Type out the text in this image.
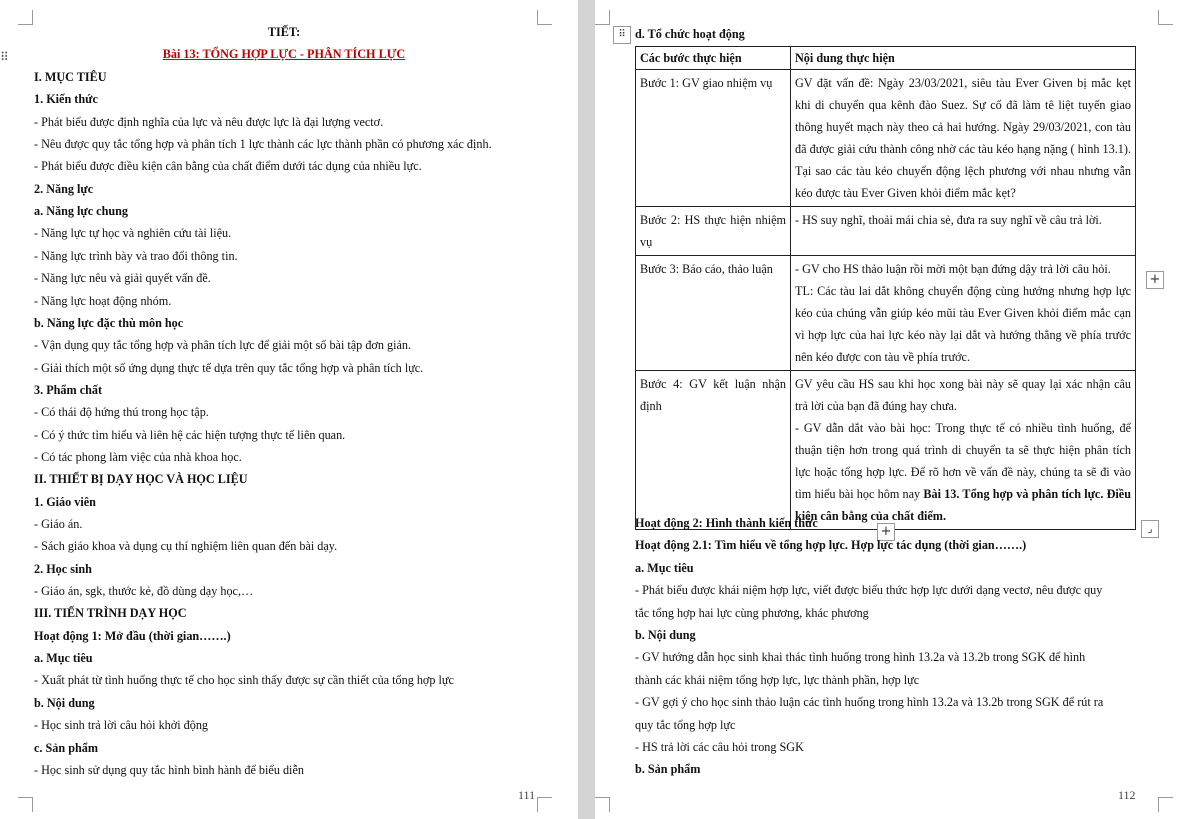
⠿
TIẾT:
Bài 13: TỔNG HỢP LỰC - PHÂN TÍCH LỰC
I. MỤC TIÊU
1. Kiến thức
- Phát biểu được định nghĩa của lực và nêu được lực là đại lượng vectơ.
- Nêu được quy tắc tổng hợp và phân tích 1 lực thành các lực thành phần có phương xác định.
- Phát biểu được điều kiện cân bằng của chất điểm dưới tác dụng của nhiều lực.
2. Năng lực
a. Năng lực chung
- Năng lực tự học và nghiên cứu tài liệu.
- Năng lực trình bày và trao đổi thông tin.
- Năng lực nêu và giải quyết vấn đề.
- Năng lực hoạt động nhóm.
b. Năng lực đặc thù môn học
- Vận dụng quy tắc tổng hợp và phân tích lực để giải một số bài tập đơn giản.
- Giải thích một số ứng dụng thực tế dựa trên quy tắc tổng hợp và phân tích lực.
3. Phẩm chất
- Có thái độ hứng thú trong học tập.
- Có ý thức tìm hiểu và liên hệ các hiện tượng thực tế liên quan.
- Có tác phong làm việc của nhà khoa học.
II. THIẾT BỊ DẠY HỌC VÀ HỌC LIỆU
1. Giáo viên
- Giáo án.
- Sách giáo khoa và dụng cụ thí nghiệm liên quan đến bài dạy.
2. Học sinh
- Giáo án, sgk, thước kẻ, đồ dùng dạy học,…
III. TIẾN TRÌNH DẠY HỌC
Hoạt động 1: Mở đầu (thời gian…….)
a. Mục tiêu
- Xuất phát từ tình huống thực tế cho học sinh thấy được sự cần thiết của tổng hợp lực
b. Nội dung
- Học sinh trả lời câu hỏi khởi động
c. Sản phẩm
- Học sinh sử dụng quy tắc hình bình hành để biểu diễn
111
⠿ d. Tổ chức hoạt động
Các bước thực hiện	Nội dung thực hiện
Bước 1: GV giao nhiệm vụ	GV đặt vấn đề: Ngày 23/03/2021, siêu tàu Ever Given bị mắc kẹt khi di chuyển qua kênh đào Suez. Sự cố đã làm tê liệt tuyến giao thông huyết mạch này theo cả hai hướng. Ngày 29/03/2021, con tàu đã được giải cứu thành công nhờ các tàu kéo hạng nặng ( hình 13.1). Tại sao các tàu kéo chuyển động lệch phương với nhau nhưng vẫn kéo được tàu Ever Given khỏi điểm mắc kẹt?
Bước 2: HS thực hiện nhiệm vụ	- HS suy nghĩ, thoải mái chia sẻ, đưa ra suy nghĩ về câu trả lời.
Bước 3: Báo cáo, thảo luận	- GV cho HS thảo luận rồi mời một bạn đứng dậy trả lời câu hỏi.
TL: Các tàu lai dắt không chuyển động cùng hướng nhưng hợp lực kéo của chúng vẫn giúp kéo mũi tàu Ever Given khỏi điểm mắc cạn vì hợp lực của hai lực kéo này lại dắt và hướng thẳng về phía trước nên kéo được con tàu về phía trước.

Bước 4: GV kết luận nhận định	GV yêu cầu HS sau khi học xong bài này sẽ quay lại xác nhận câu trả lời của bạn đã đúng hay chưa.
- GV dẫn dắt vào bài học: Trong thực tế có nhiều tình huống, để thuận tiện hơn trong quá trình di chuyển ta sẽ thực hiện phân tích lực hoặc tổng hợp lực. Để rõ hơn về vấn đề này, chúng ta sẽ đi vào tìm hiểu bài học hôm nay Bài 13. Tổng hợp và phân tích lực. Điều kiện cân bằng của chất điểm.
+
+	⌟
Hoạt động 2: Hình thành kiến thức
Hoạt động 2.1: Tìm hiểu về tổng hợp lực. Hợp lực tác dụng (thời gian…….)
a. Mục tiêu
- Phát biểu được khái niệm hợp lực, viết được biểu thức hợp lực dưới dạng vectơ, nêu được quy
tắc tổng hợp hai lực cùng phương, khác phương
b. Nội dung
- GV hướng dẫn học sinh khai thác tình huống trong hình 13.2a và 13.2b trong SGK để hình
thành các khái niệm tổng hợp lực, lực thành phần, hợp lực
- GV gợi ý cho học sinh thảo luận các tình huống trong hình 13.2a và 13.2b trong SGK để rút ra
quy tắc tổng hợp lực
- HS trả lời các câu hỏi trong SGK
b. Sản phẩm
112
